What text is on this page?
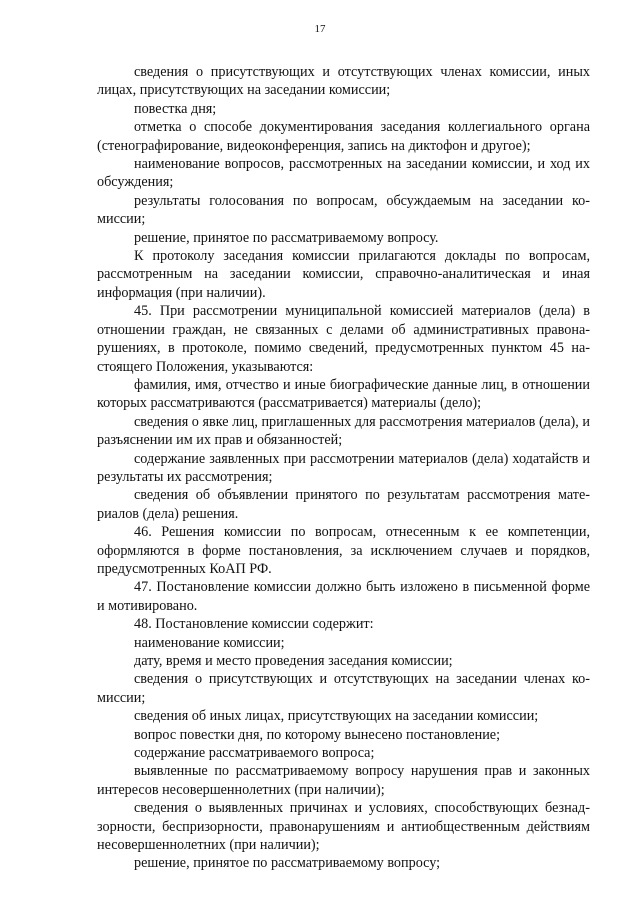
17

сведения о присутствующих и отсутствующих членах комиссии, иных лицах, присутствующих на заседании комиссии;

повестка дня;

отметка о способе документирования заседания коллегиального органа (стенографирование, видеоконференция, запись на диктофон и другое);

наименование вопросов, рассмотренных на заседании комиссии, и ход их обсуждения;

результаты голосования по вопросам, обсуждаемым на заседании комиссии;

решение, принятое по рассматриваемому вопросу.

К протоколу заседания комиссии прилагаются доклады по вопросам, рассмотренным на заседании комиссии, справочно-аналитическая и иная информация (при наличии).

45. При рассмотрении муниципальной комиссией материалов (дела) в отношении граждан, не связанных с делами об административных правонарушениях, в протоколе, помимо сведений, предусмотренных пунктом 45 настоящего Положения, указываются:

фамилия, имя, отчество и иные биографические данные лиц, в отношении которых рассматриваются (рассматривается) материалы (дело);

сведения о явке лиц, приглашенных для рассмотрения материалов (дела), и разъяснении им их прав и обязанностей;

содержание заявленных при рассмотрении материалов (дела) ходатайств и результаты их рассмотрения;

сведения об объявлении принятого по результатам рассмотрения материалов (дела) решения.

46. Решения комиссии по вопросам, отнесенным к ее компетенции, оформляются в форме постановления, за исключением случаев и порядков, предусмотренных КоАП РФ.

47. Постановление комиссии должно быть изложено в письменной форме и мотивировано.

48. Постановление комиссии содержит:

наименование комиссии;

дату, время и место проведения заседания комиссии;

сведения о присутствующих и отсутствующих на заседании членах комиссии;

сведения об иных лицах, присутствующих на заседании комиссии;

вопрос повестки дня, по которому вынесено постановление;

содержание рассматриваемого вопроса;

выявленные по рассматриваемому вопросу нарушения прав и законных интересов несовершеннолетних (при наличии);

сведения о выявленных причинах и условиях, способствующих безнадзорности, беспризорности, правонарушениям и антиобщественным действиям несовершеннолетних (при наличии);

решение, принятое по рассматриваемому вопросу;
